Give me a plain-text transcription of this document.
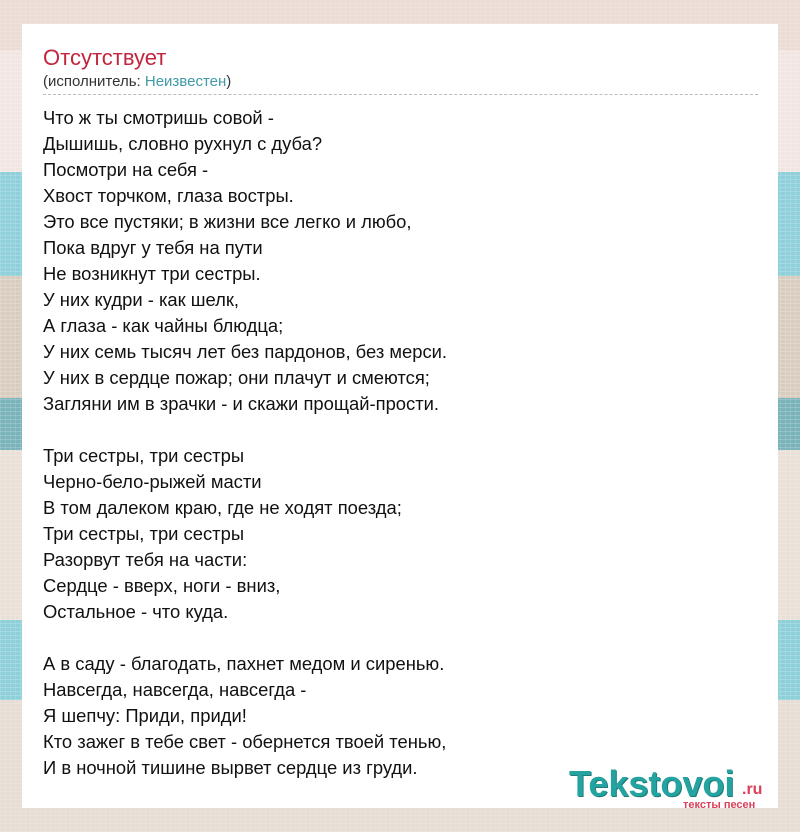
Отсутствует
(исполнитель: Неизвестен)
Что ж ты смотришь совой -
Дышишь, словно рухнул с дуба?
Посмотри на себя -
Хвост торчком, глаза востры.
Это все пустяки; в жизни все легко и любо,
Пока вдруг у тебя на пути
Не возникнут три сестры.
У них кудри - как шелк,
А глаза - как чайны блюдца;
У них семь тысяч лет без пардонов, без мерси.
У них в сердце пожар; они плачут и смеются;
Загляни им в зрачки - и скажи прощай-прости.
Три сестры, три сестры
Черно-бело-рыжей масти
В том далеком краю, где не ходят поезда;
Три сестры, три сестры
Разорвут тебя на части:
Сердце - вверх, ноги - вниз,
Остальное - что куда.
А в саду - благодать, пахнет медом и сиренью.
Навсегда, навсегда, навсегда -
Я шепчу: Приди, приди!
Кто зажег в тебе свет - обернется твоей тенью,
И в ночной тишине вырвет сердце из груди.	Tekstovoi .ru
тексты песен
